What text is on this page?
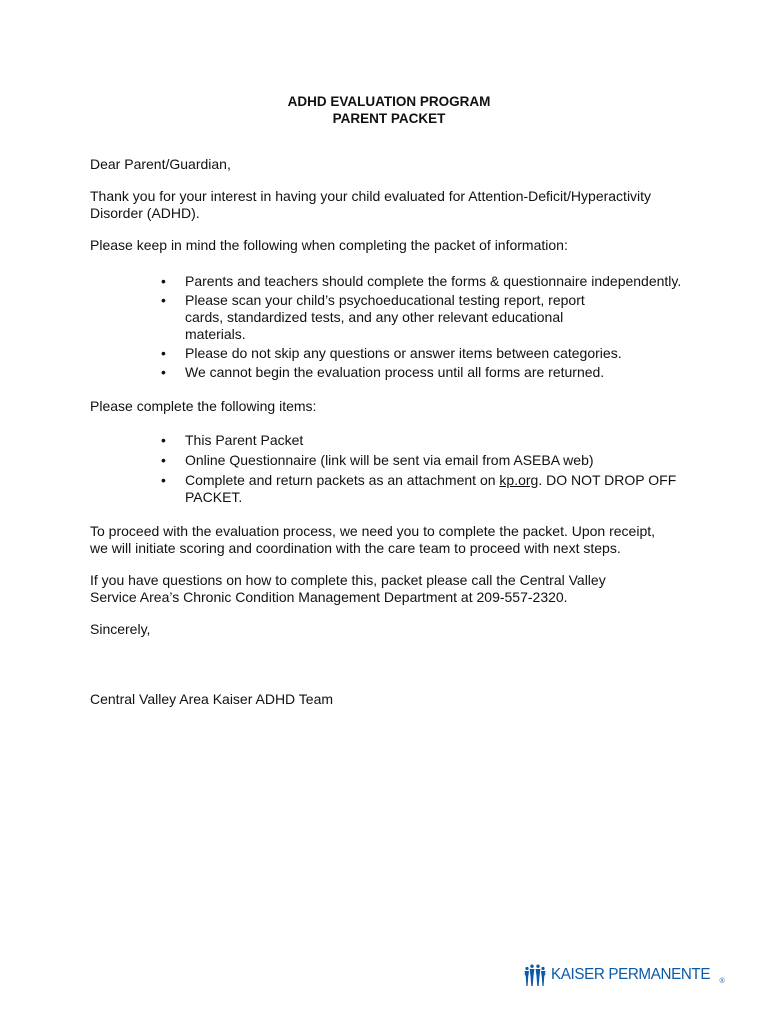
ADHD EVALUATION PROGRAM
PARENT PACKET

Dear Parent/Guardian,

Thank you for your interest in having your child evaluated for Attention-Deficit/Hyperactivity Disorder (ADHD).

Please keep in mind the following when completing the packet of information:

• Parents and teachers should complete the forms & questionnaire independently.
• Please scan your child’s psychoeducational testing report, report cards, standardized tests, and any other relevant educational materials.
• Please do not skip any questions or answer items between categories.
• We cannot begin the evaluation process until all forms are returned.

Please complete the following items:

• This Parent Packet
• Online Questionnaire (link will be sent via email from ASEBA web)
• Complete and return packets as an attachment on kp.org. DO NOT DROP OFF PACKET.

To proceed with the evaluation process, we need you to complete the packet. Upon receipt, we will initiate scoring and coordination with the care team to proceed with next steps.

If you have questions on how to complete this, packet please call the Central Valley Service Area’s Chronic Condition Management Department at 209-557-2320.

Sincerely,

Central Valley Area Kaiser ADHD Team

KAISER PERMANENTE ®
